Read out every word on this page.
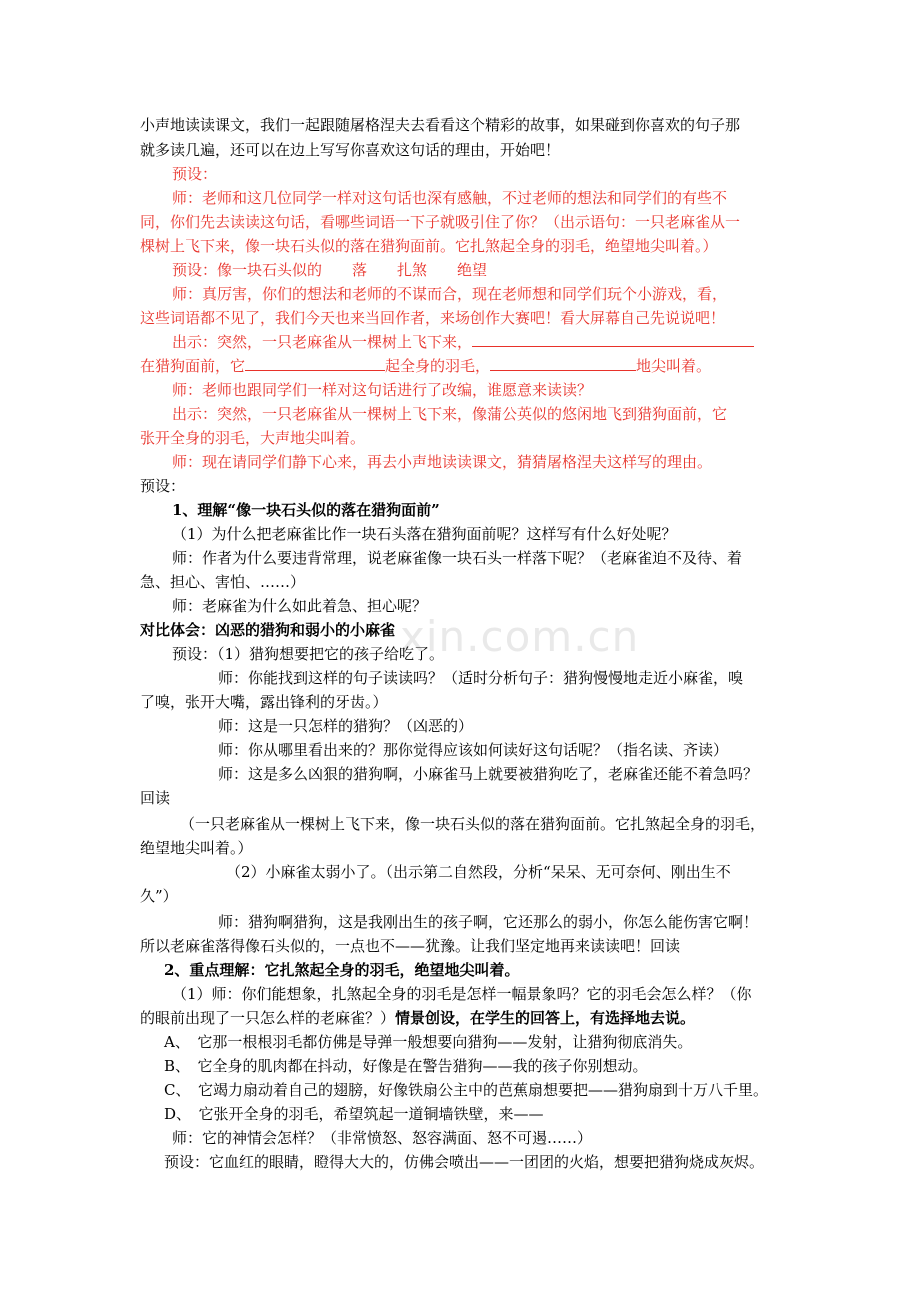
xin.com.cn
小声地读读课文，我们一起跟随屠格涅夫去看看这个精彩的故事，如果碰到你喜欢的句子那
就多读几遍，还可以在边上写写你喜欢这句话的理由，开始吧！
预设：
师：老师和这几位同学一样对这句话也深有感触，不过老师的想法和同学们的有些不
同，你们先去读读这句话，看哪些词语一下子就吸引住了你？（出示语句：一只老麻雀从一
棵树上飞下来，像一块石头似的落在猎狗面前。它扎煞起全身的羽毛，绝望地尖叫着。）
预设：像一块石头似的　　落　　扎煞　　绝望
师：真厉害，你们的想法和老师的不谋而合，现在老师想和同学们玩个小游戏，看，
这些词语都不见了，我们今天也来当回作者，来场创作大赛吧！看大屏幕自己先说说吧！
出示：突然，一只老麻雀从一棵树上飞下来，
在猎狗面前，它	起全身的羽毛，	地尖叫着。
师：老师也跟同学们一样对这句话进行了改编，谁愿意来读读？
出示：突然，一只老麻雀从一棵树上飞下来，像蒲公英似的悠闲地飞到猎狗面前，它
张开全身的羽毛，大声地尖叫着。
师：现在请同学们静下心来，再去小声地读读课文，猜猜屠格涅夫这样写的理由。
预设：
1、理解“像一块石头似的落在猎狗面前”
（1）为什么把老麻雀比作一块石头落在猎狗面前呢？这样写有什么好处呢？
师：作者为什么要违背常理，说老麻雀像一块石头一样落下呢？（老麻雀迫不及待、着
急、担心、害怕、……）
师：老麻雀为什么如此着急、担心呢？
对比体会：凶恶的猎狗和弱小的小麻雀
预设：（1）猎狗想要把它的孩子给吃了。
师：你能找到这样的句子读读吗？（适时分析句子：猎狗慢慢地走近小麻雀，嗅
了嗅，张开大嘴，露出锋利的牙齿。）
师：这是一只怎样的猎狗？（凶恶的）
师：你从哪里看出来的？那你觉得应该如何读好这句话呢？（指名读、齐读）
师：这是多么凶狠的猎狗啊，小麻雀马上就要被猎狗吃了，老麻雀还能不着急吗？
回读
（一只老麻雀从一棵树上飞下来，像一块石头似的落在猎狗面前。它扎煞起全身的羽毛，
绝望地尖叫着。）
（2）小麻雀太弱小了。（出示第二自然段，分析“呆呆、无可奈何、刚出生不
久”）
师：猎狗啊猎狗，这是我刚出生的孩子啊，它还那么的弱小，你怎么能伤害它啊！
所以老麻雀落得像石头似的，一点也不——犹豫。让我们坚定地再来读读吧！回读
2、重点理解：它扎煞起全身的羽毛，绝望地尖叫着。
（1）师：你们能想象，扎煞起全身的羽毛是怎样一幅景象吗？它的羽毛会怎么样？（你
的眼前出现了一只怎么样的老麻雀？）情景创设，在学生的回答上，有选择地去说。
A、　它那一根根羽毛都仿佛是导弹一般想要向猎狗——发射，让猎狗彻底消失。
B、　它全身的肌肉都在抖动，好像是在警告猎狗——我的孩子你别想动。
C、　它竭力扇动着自己的翅膀，好像铁扇公主中的芭蕉扇想要把——猎狗扇到十万八千里。
D、　它张开全身的羽毛，希望筑起一道铜墙铁壁，来——
师：它的神情会怎样？（非常愤怒、怒容满面、怒不可遏……）
预设：它血红的眼睛，瞪得大大的，仿佛会喷出——一团团的火焰，想要把猎狗烧成灰烬。
